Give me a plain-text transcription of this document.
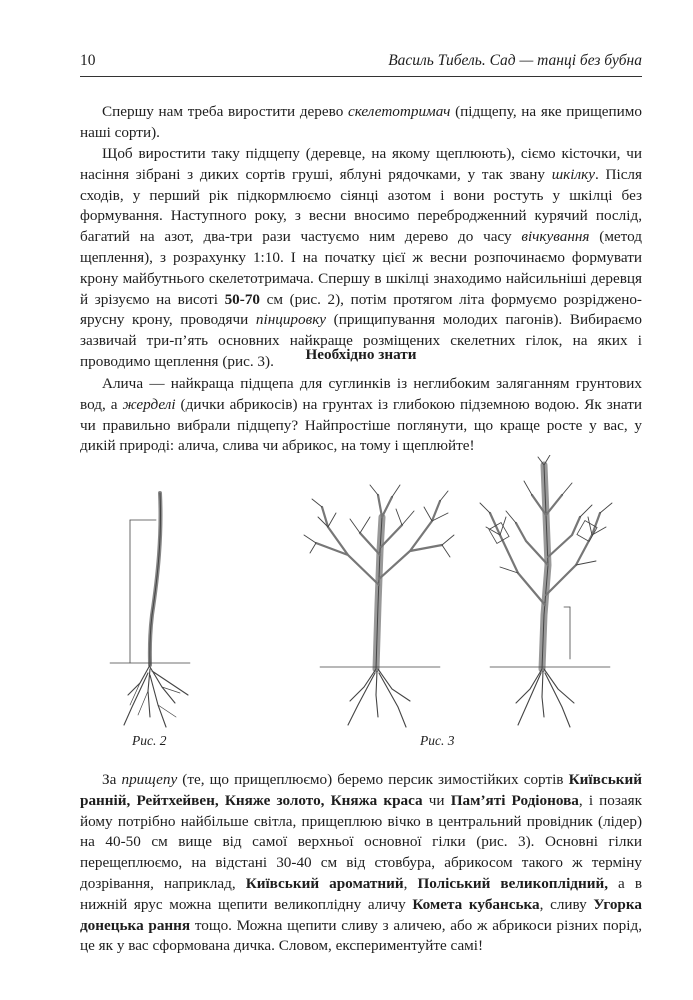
10	Василь Тибель. Сад — танці без бубна

Спершу нам треба виростити дерево скелетотримач (підщепу, на яке прищепимо наші сорти).

Щоб виростити таку підщепу (деревце, на якому щеплюють), сіємо кісточки, чи насіння зібрані з диких сортів груші, яблуні рядочками, у так звану шкілку. Після сходів, у перший рік підкормлюємо сіянці азотом і вони ростуть у шкілці без формування. Наступного року, з весни вносимо перебродженний курячий послід, багатий на азот, два-три рази частуємо ним дерево до часу вічкування (метод щеплення), з розрахунку 1:10. І на початку цієї ж весни розпочинаємо формувати крону майбутнього скелетотримача. Спершу в шкілці знаходимо найсильніші деревця й зрізуємо на висоті 50-70 см (рис. 2), потім протягом літа формуємо розріджено-ярусну крону, проводячи пінцировку (прищипування молодих пагонів). Вибираємо зазвичай три-п’ять основних найкраще розміщених скелетних гілок, на яких і проводимо щеплення (рис. 3).	Необхідно знати

Алича — найкраща підщепа для суглинків із неглибоким заляганням грунтових вод, а жерделі (дички абрикосів) на грунтах із глибокою підземною водою. Як знати чи правильно вибрали підщепу? Найпростіше поглянути, що краще росте у вас, у дикій природі: алича, слива чи абрикос, на тому і щеплюйте!

Рис. 2	Рис. 3

За прищепу (те, що прищеплюємо) беремо персик зимостійких сортів Київський ранній, Рейтхейвен, Княже золото, Княжа краса чи Пам’яті Родіонова, і позаяк йому потрібно найбільше світла, прищеплюю вічко в центральний провідник (лідер) на 40-50 см вище від самої верхньої основної гілки (рис. 3). Основні гілки перещеплюємо, на відстані 30-40 см від стовбура, абрикосом такого ж терміну дозрівання, наприклад, Київський ароматний, Поліський великоплідний, а в нижній ярус можна щепити великоплідну аличу Комета кубанська, сливу Угорка донецька рання тощо. Можна щепити сливу з аличею, або ж абрикоси різних порід, це як у вас сформована дичка. Словом, експериментуйте самі!
